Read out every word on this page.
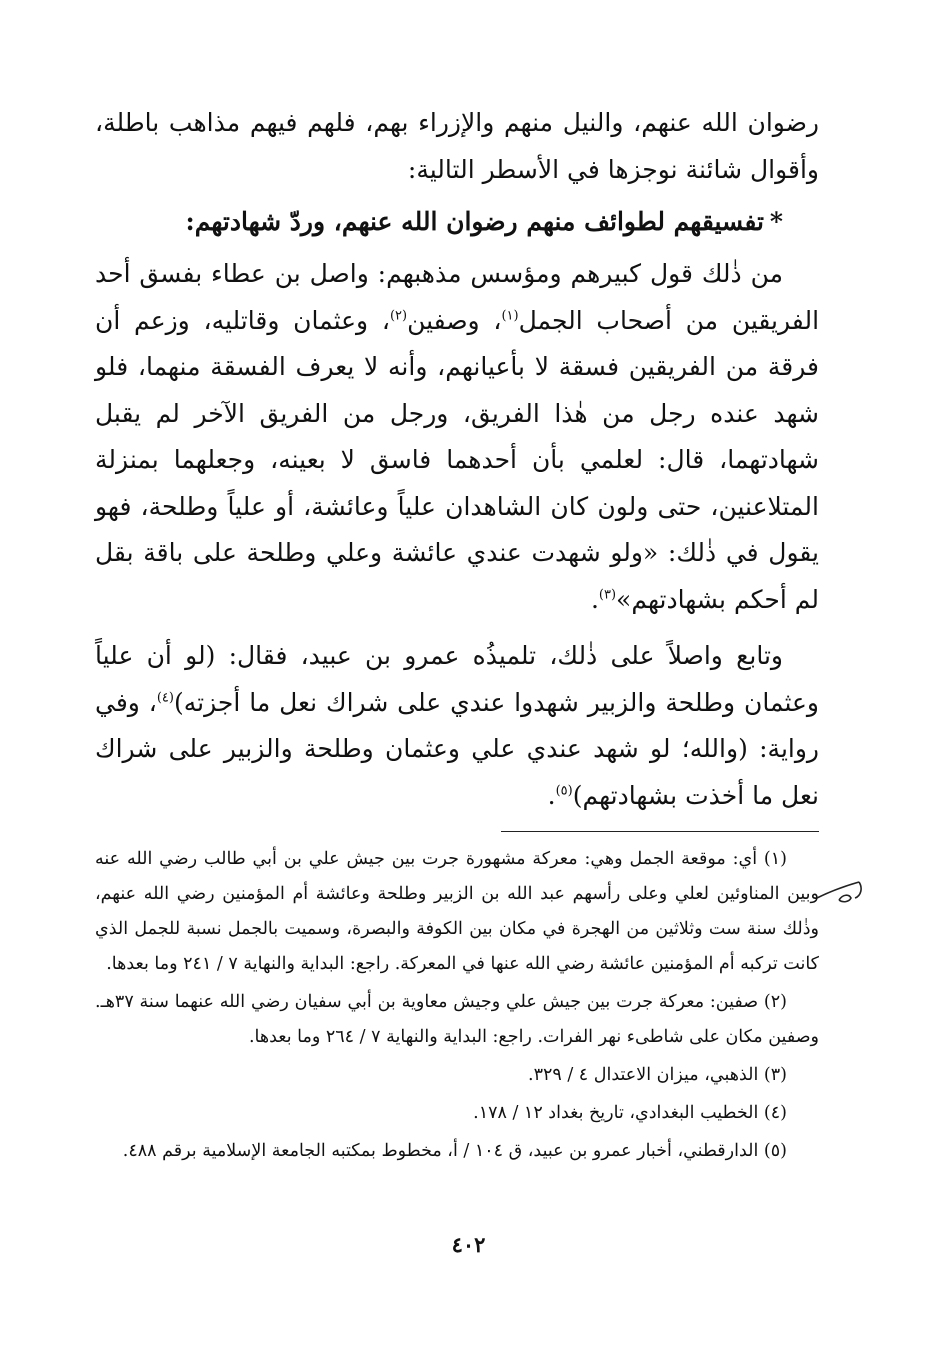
رضوان الله عنهم، والنيل منهم والإزراء بهم، فلهم فيهم مذاهب باطلة، وأقوال شائنة نوجزها في الأسطر التالية:

*تفسيقهم لطوائف منهم رضوان الله عنهم، وردّ شهادتهم:

من ذٰلك قول كبيرهم ومؤسس مذهبهم: واصل بن عطاء بفسق أحد الفريقين من أصحاب الجمل$^{(١)}$، وصفين$^{(٢)}$، وعثمان وقاتليه، وزعم أن فرقة من الفريقين فسقة لا بأعيانهم، وأنه لا يعرف الفسقة منهما، فلو شهد عنده رجل من هٰذا الفريق، ورجل من الفريق الآخر لم يقبل شهادتهما، قال: لعلمي بأن أحدهما فاسق لا بعينه، وجعلهما بمنزلة المتلاعنين، حتى ولون كان الشاهدان علياً وعائشة، أو علياً وطلحة، فهو يقول في ذٰلك: «ولو شهدت عندي عائشة وعلي وطلحة على باقة بقل لم أحكم بشهادتهم»$^{(٣)}$.

وتابع واصلاً على ذٰلك، تلميذُه عمرو بن عبيد، فقال: (لو أن علياً وعثمان وطلحة والزبير شهدوا عندي على شراك نعل ما أجزته)$^{(٤)}$، وفي رواية: (والله؛ لو شهد عندي علي وعثمان وطلحة والزبير على شراك نعل ما أخذت بشهادتهم)$^{(٥)}$.

(١) أي: موقعة الجمل وهي: معركة مشهورة جرت بين جيش علي بن أبي طالب رضي الله عنه وبين المناوئين لعلي وعلى رأسهم عبد الله بن الزبير وطلحة وعائشة أم المؤمنين رضي الله عنهم، وذٰلك سنة ست وثلاثين من الهجرة في مكان بين الكوفة والبصرة، وسميت بالجمل نسبة للجمل الذي كانت تركبه أم المؤمنين عائشة رضي الله عنها في المعركة. راجع: البداية والنهاية ٧ / ٢٤١ وما بعدها.

(٢) صفين: معركة جرت بين جيش علي وجيش معاوية بن أبي سفيان رضي الله عنهما سنة ٣٧هـ. وصفين مكان على شاطىء نهر الفرات. راجع: البداية والنهاية ٧ / ٢٦٤ وما بعدها.

(٣) الذهبي، ميزان الاعتدال ٤ / ٣٢٩.

(٤) الخطيب البغدادي، تاريخ بغداد ١٢ / ١٧٨.

(٥) الدارقطني، أخبار عمرو بن عبيد، ق ١٠٤ / أ، مخطوط بمكتبه الجامعة الإسلامية برقم ٤٨٨.

٤٠٢
